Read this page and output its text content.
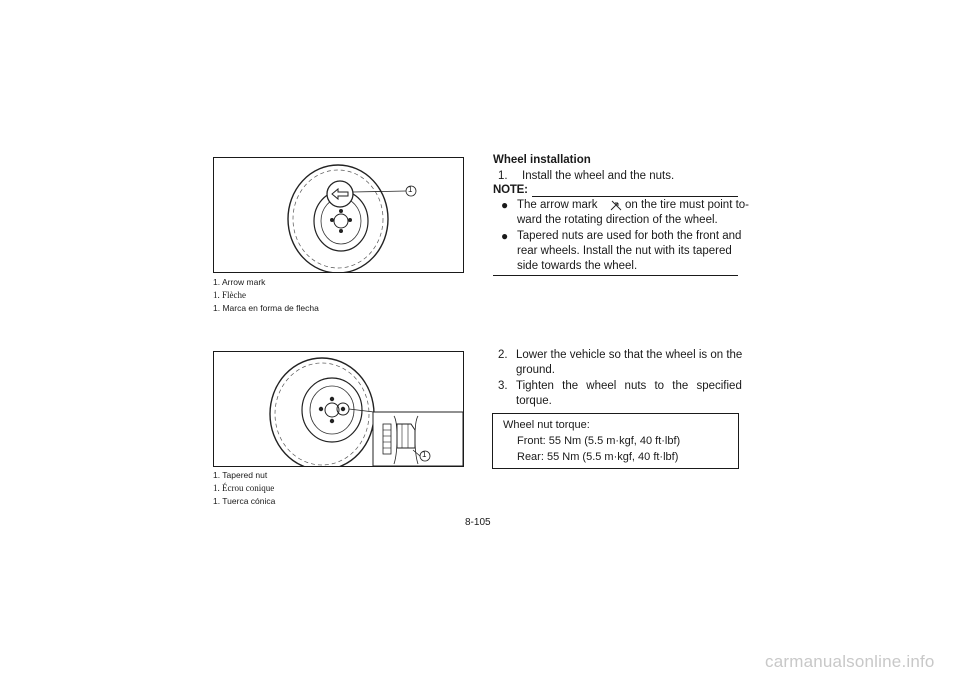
1
1. Arrow mark
1. Flèche
1. Marca en forma de flecha
1
1. Tapered nut
1. Écrou conique
1. Tuerca cónica
Wheel installation
1. Install the wheel and the nuts.
NOTE:
● The arrow mark on the tire must point to-
ward the rotating direction of the wheel.
● Tapered nuts are used for both the front and
rear wheels. Install the nut with its tapered
side towards the wheel.
2. Lower the vehicle so that the wheel is on the
ground.
3. Tighten the wheel nuts to the specified
torque.
Wheel nut torque:
Front: 55 Nm (5.5 m·kgf, 40 ft·lbf)
Rear: 55 Nm (5.5 m·kgf, 40 ft·lbf)
8-105
carmanualsonline.info
